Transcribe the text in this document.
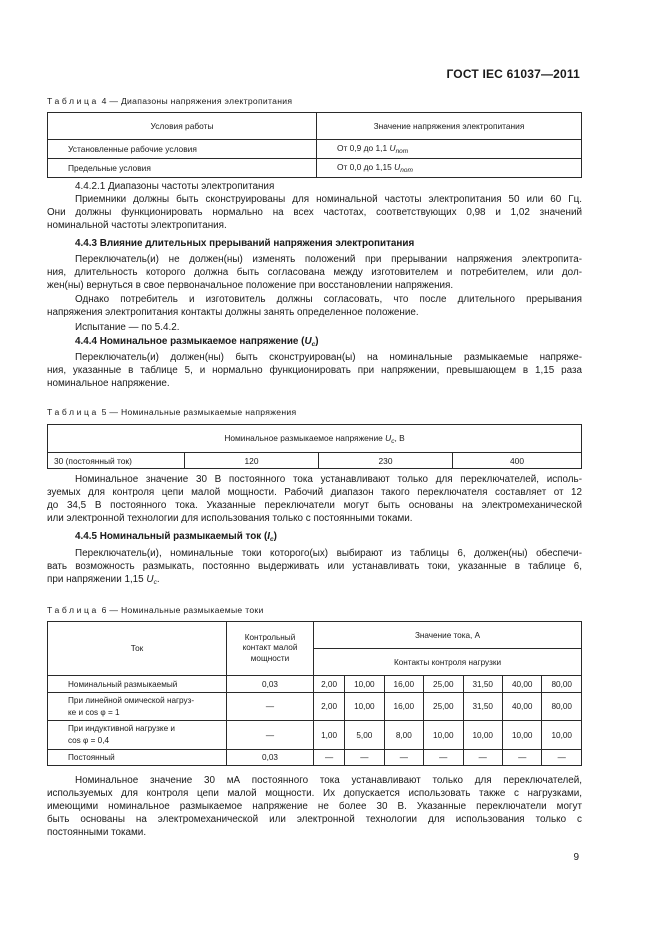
ГОСТ IEC 61037—2011
Таблица 4 — Диапазоны напряжения электропитания
Условия работы	Значение напряжения электропитания
Установленные рабочие условия	От 0,9 до 1,1 $U_{nom}$
Предельные условия	От 0,0 до 1,15 $U_{nom}$
4.4.2.1 Диапазоны частоты электропитания

Приемники должны быть сконструированы для номинальной частоты электропитания 50 или 60 Гц.
Они должны функционировать нормально на всех частотах, соответствующих 0,98 и 1,02 значений
номинальной частоты электропитания.

4.4.3 Влияние длительных прерываний напряжения электропитания

Переключатель(и) не должен(ны) изменять положений при прерывании напряжения электропита-
ния, длительность которого должна быть согласована между изготовителем и потребителем, или дол-
жен(ны) вернуться в свое первоначальное положение при восстановлении напряжения.

Однако потребитель и изготовитель должны согласовать, что после длительного прерывания
напряжения электропитания контакты должны занять определенное положение.

Испытание — по 5.4.2.
4.4.4 Номинальное размыкаемое напряжение $(U_c)$

Переключатель(и) должен(ны) быть сконструирован(ы) на номинальные размыкаемые напряже-
ния, указанные в таблице 5, и нормально функционировать при напряжении, превышающем в 1,15 раза
номинальное напряжение.

Таблица 5 — Номинальные размыкаемые напряжения
Номинальное размыкаемое напряжение $U_c$, В
30 (постоянный ток)	120	230	400

Номинальное значение 30 В постоянного тока устанавливают только для переключателей, исполь-
зуемых для контроля цепи малой мощности. Рабочий диапазон такого переключателя составляет от 12
до 34,5 В постоянного тока. Указанные переключатели могут быть основаны на электромеханической
или электронной технологии для использования только с постоянными токами.

4.4.5 Номинальный размыкаемый ток $(I_c)$

Переключатель(и), номинальные токи которого(ых) выбирают из таблицы 6, должен(ны) обеспечи-
вать возможность размыкать, постоянно выдерживать или устанавливать токи, указанные в таблице 6,
при напряжении 1,15 $U_c$.

Таблица 6 — Номинальные размыкаемые токи
Ток	Контрольный
контакт малой
мощности	Значение тока, А						
		Контакты контроля нагрузки						
Номинальный размыкаемый	0,03	2,00	10,00	16,00	25,00	31,50	40,00	80,00
При линейной омической нагруз-
ке и cos φ = 1	—	2,00	10,00	16,00	25,00	31,50	40,00	80,00
При индуктивной нагрузке и
cos φ = 0,4	—	1,00	5,00	8,00	10,00	10,00	10,00	10,00
Постоянный	0,03	—	—	—	—	—	—	—

Номинальное значение 30 мА постоянного тока устанавливают только для переключателей,
используемых для контроля цепи малой мощности. Их допускается использовать также с нагрузками,
имеющими номинальное размыкаемое напряжение не более 30 В. Указанные переключатели могут
быть основаны на электромеханической или электронной технологии для использования только с
постоянными токами.

9
